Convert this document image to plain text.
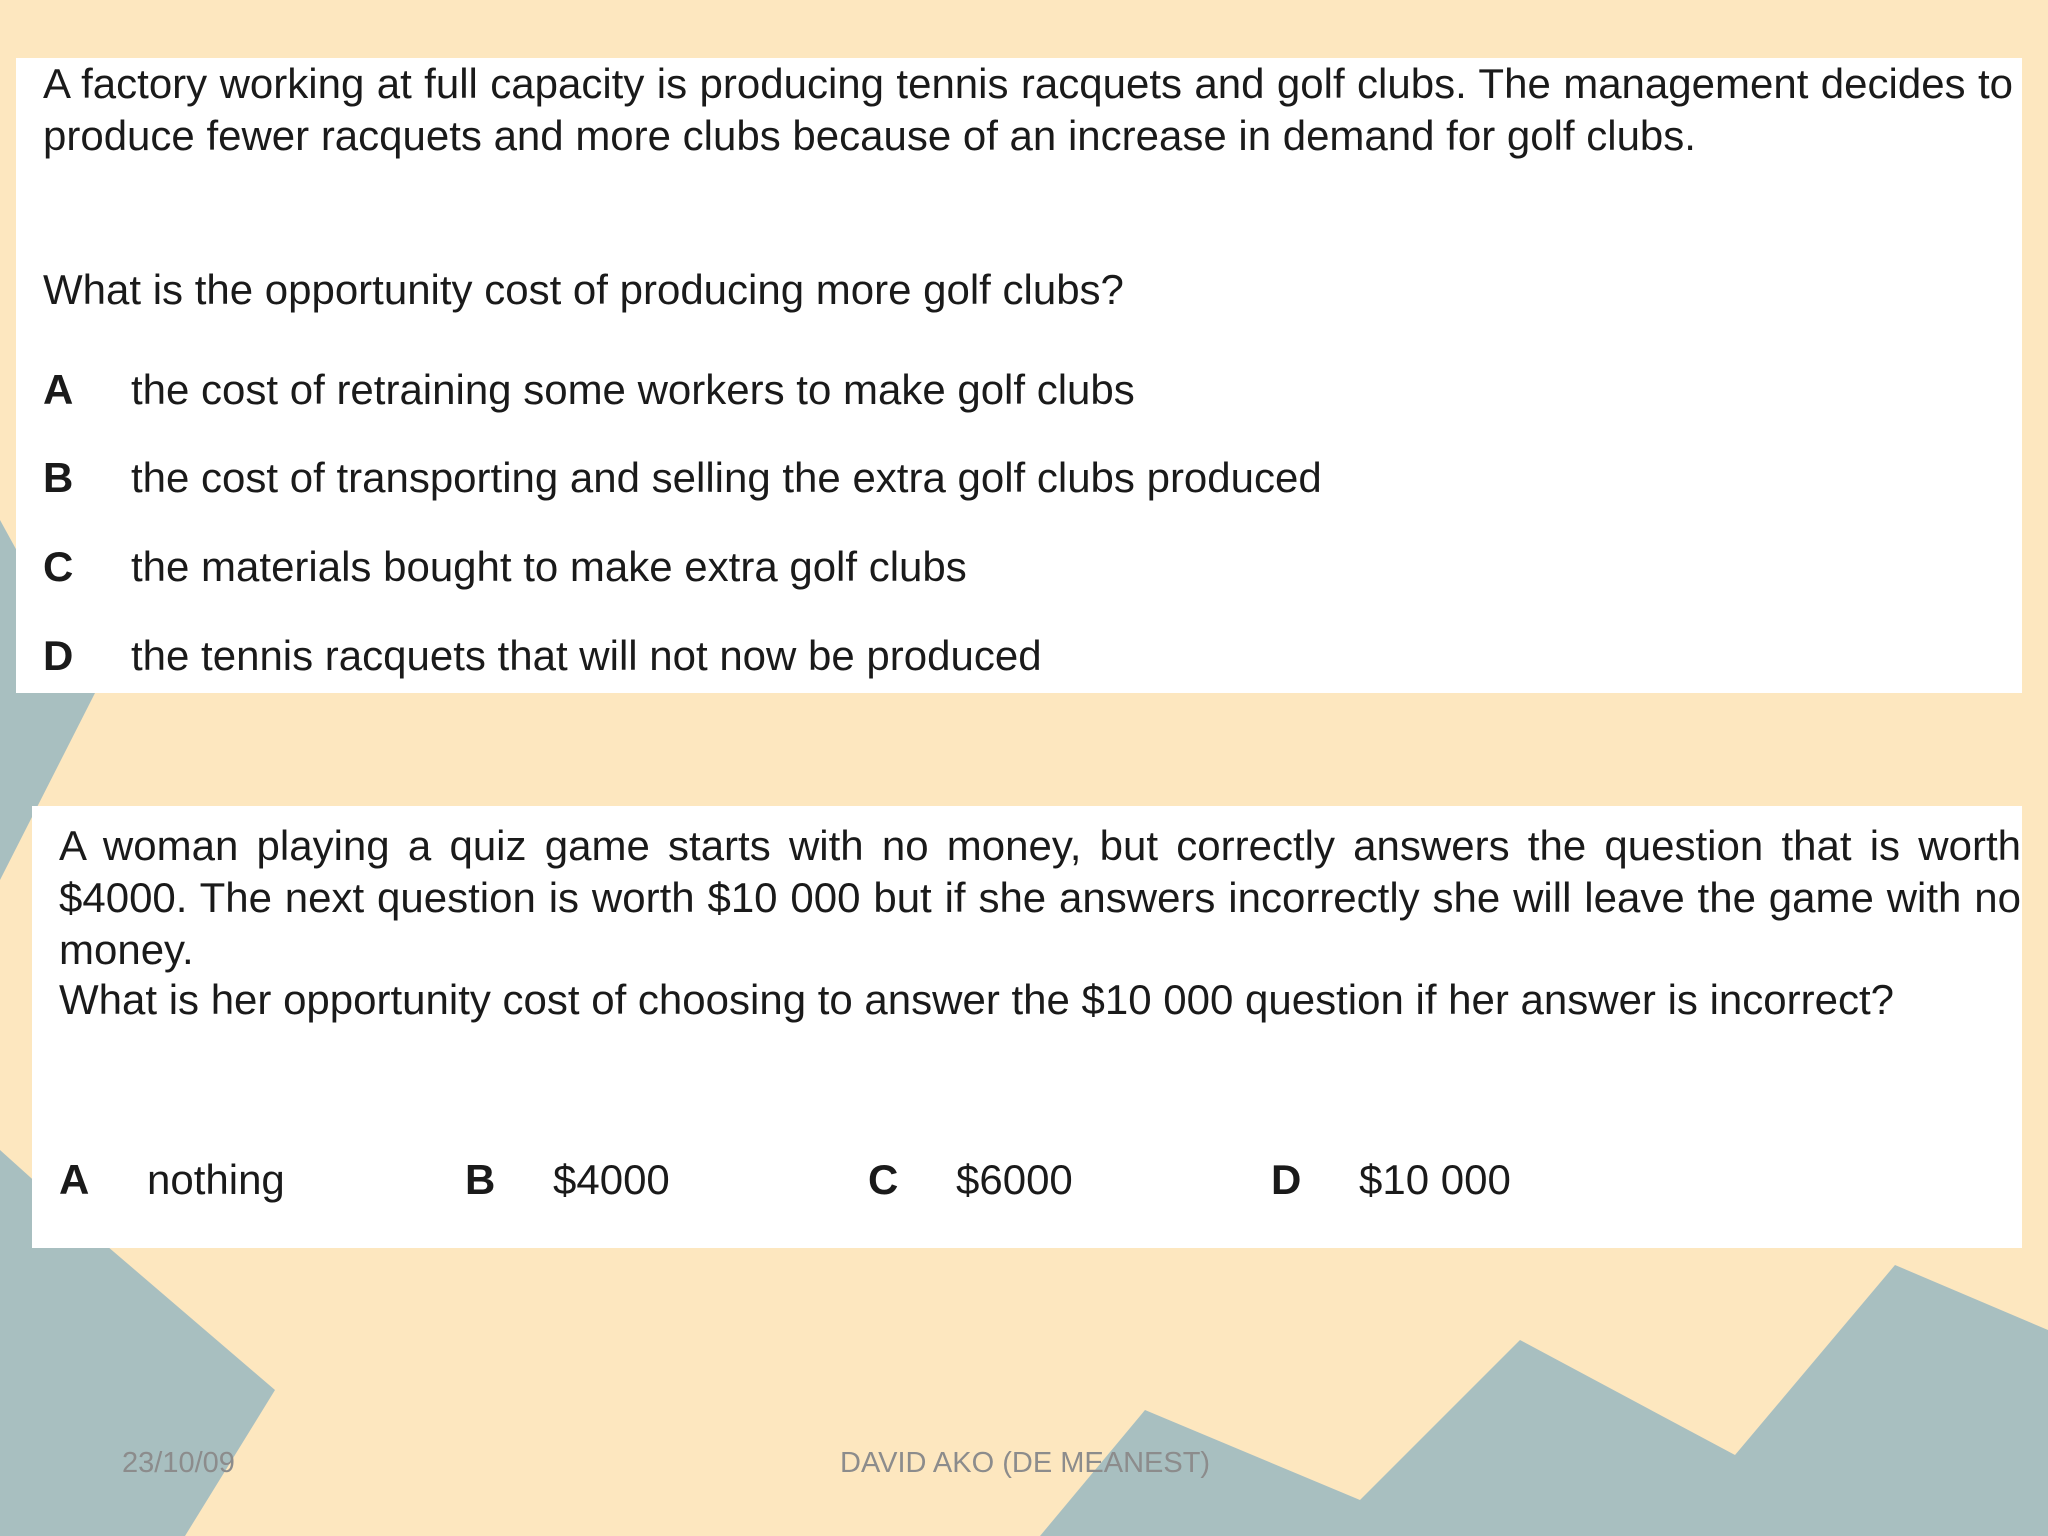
A factory working at full capacity is producing tennis racquets and golf clubs. The management decides to produce fewer racquets and more clubs because of an increase in demand for golf clubs.

What is the opportunity cost of producing more golf clubs?

A the cost of retraining some workers to make golf clubs
B the cost of transporting and selling the extra golf clubs produced
C the materials bought to make extra golf clubs
D the tennis racquets that will not now be produced

A woman playing a quiz game starts with no money, but correctly answers the question that is worth $4000. The next question is worth $10 000 but if she answers incorrectly she will leave the game with no money.

What is her opportunity cost of choosing to answer the $10 000 question if her answer is incorrect?

A nothing	B $4000	C $6000	D $10 000
23/10/09	DAVID AKO (DE MEANEST)
